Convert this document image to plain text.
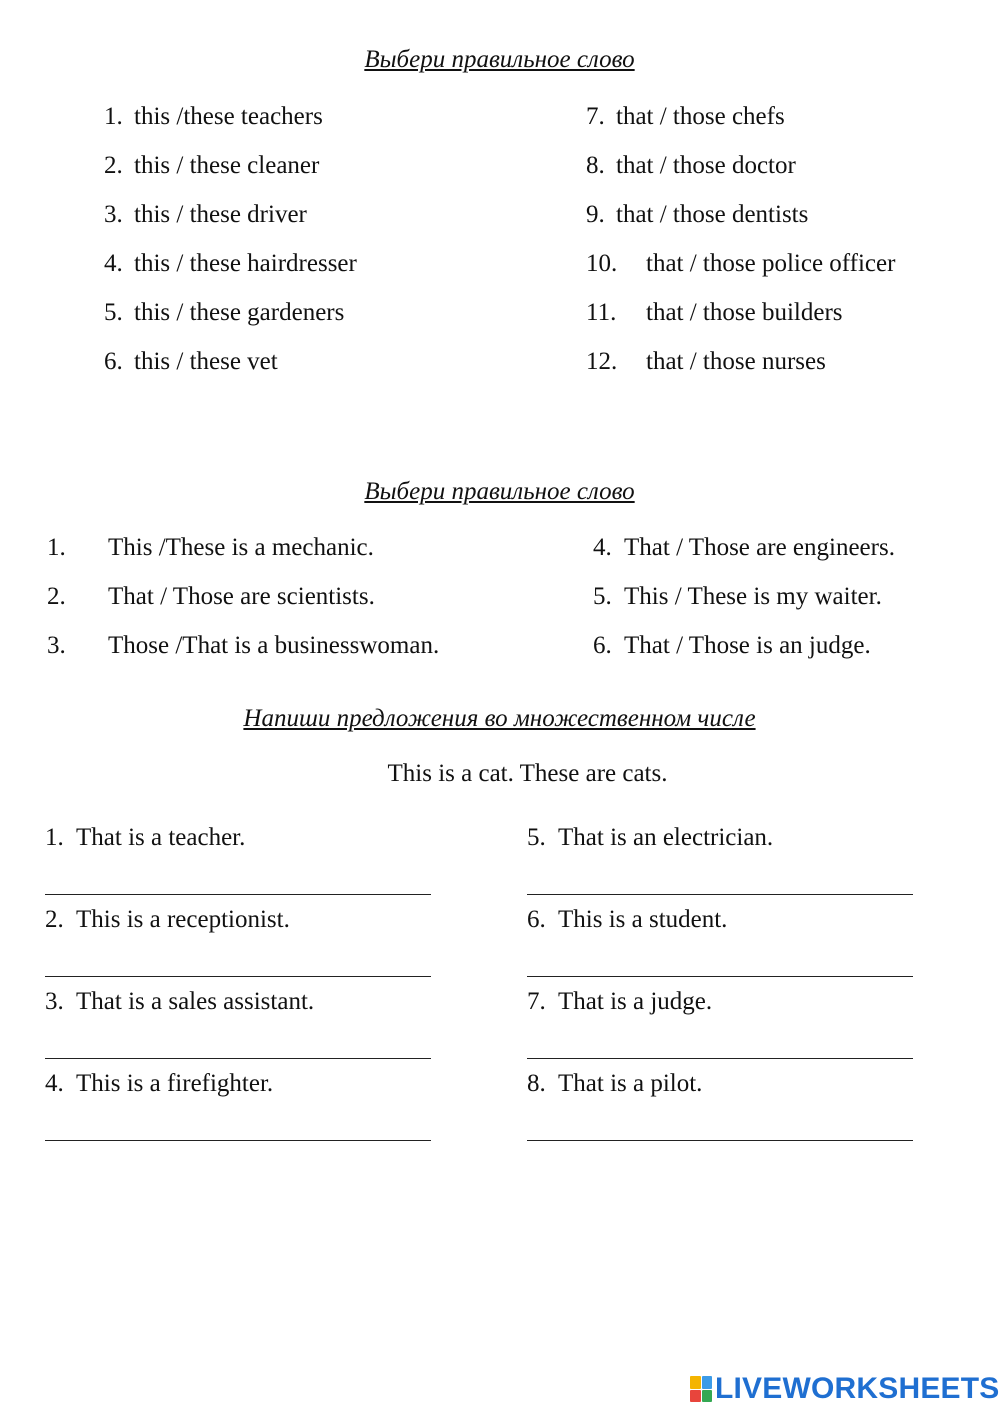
Выбери правильное слово
1. this /these teachers
2. this / these cleaner
3. this / these driver
4. this / these hairdresser
5. this / these gardeners
6. this / these vet
7. that / those chefs
8. that / those doctor
9. that / those dentists
10.	that / those police officer
11.	that / those builders
12.	that / those nurses
Выбери правильное слово
1.	This /These is a mechanic.
2.	That / Those are scientists.
3.	Those /That is a businesswoman.
4. That / Those are engineers.
5. This / These is my waiter.
6. That / Those is an judge.
Напиши предложения во множественном числе
This is a cat. These are cats.
1. That is a teacher.
2. This is a receptionist.
3. That is a sales assistant.
4. This is a firefighter.
5. That is an electrician.
6. This is a student.
7. That is a judge.
8. That is a pilot.
LIVEWORKSHEETS
